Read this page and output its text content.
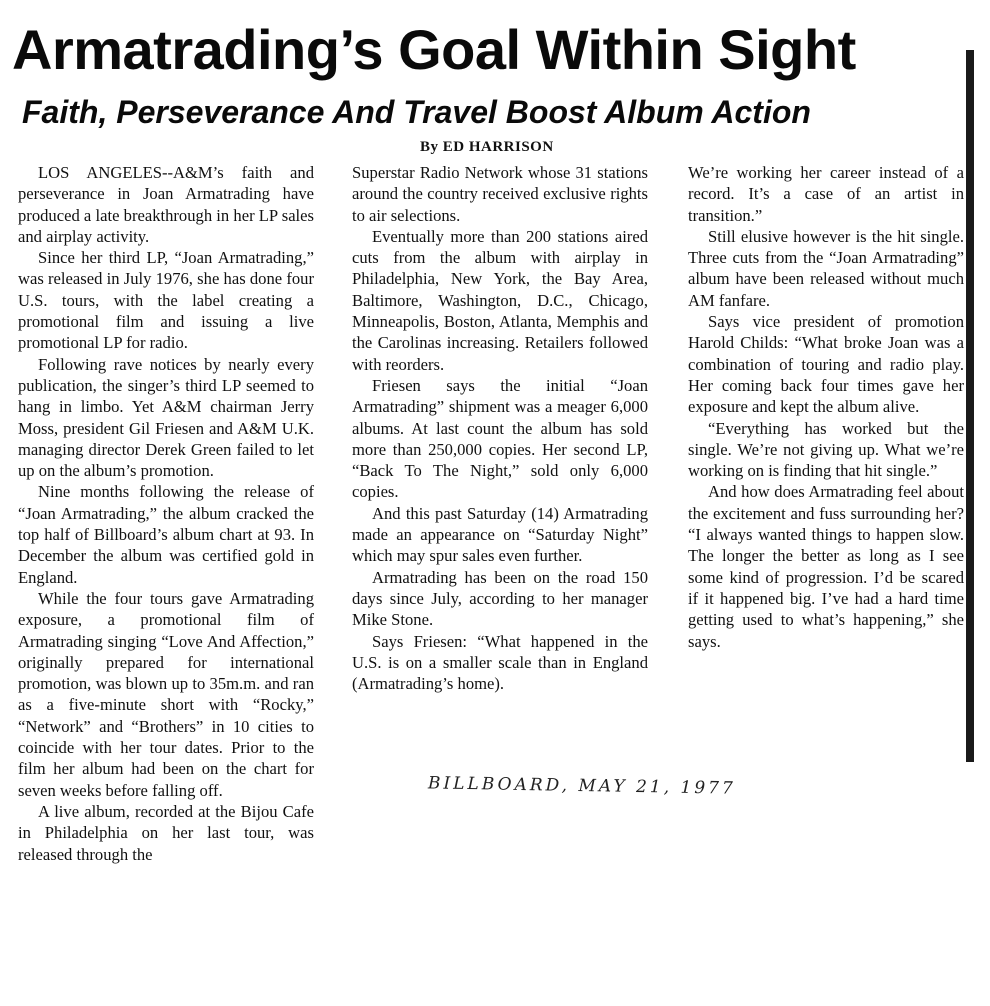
Armatrading’s Goal Within Sight
Faith, Perseverance And Travel Boost Album Action
By ED HARRISON

LOS ANGELES--A&M’s faith and perseverance in Joan Armatrading have produced a late breakthrough in her LP sales and airplay activity.

Since her third LP, “Joan Armatrading,” was released in July 1976, she has done four U.S. tours, with the label creating a promotional film and issuing a live promotional LP for radio.

Following rave notices by nearly every publication, the singer’s third LP seemed to hang in limbo. Yet A&M chairman Jerry Moss, president Gil Friesen and A&M U.K. managing director Derek Green failed to let up on the album’s promotion.

Nine months following the release of “Joan Armatrading,” the album cracked the top half of Billboard’s album chart at 93. In December the album was certified gold in England.

While the four tours gave Armatrading exposure, a promotional film of Armatrading singing “Love And Affection,” originally prepared for international promotion, was blown up to 35m.m. and ran as a five-minute short with “Rocky,” “Network” and “Brothers” in 10 cities to coincide with her tour dates. Prior to the film her album had been on the chart for seven weeks before falling off.

A live album, recorded at the Bijou Cafe in Philadelphia on her last tour, was released through the

Superstar Radio Network whose 31 stations around the country received exclusive rights to air selections.

Eventually more than 200 stations aired cuts from the album with airplay in Philadelphia, New York, the Bay Area, Baltimore, Washington, D.C., Chicago, Minneapolis, Boston, Atlanta, Memphis and the Carolinas increasing. Retailers followed with reorders.

Friesen says the initial “Joan Armatrading” shipment was a meager 6,000 albums. At last count the album has sold more than 250,000 copies. Her second LP, “Back To The Night,” sold only 6,000 copies.

And this past Saturday (14) Armatrading made an appearance on “Saturday Night” which may spur sales even further.

Armatrading has been on the road 150 days since July, according to her manager Mike Stone.

Says Friesen: “What happened in the U.S. is on a smaller scale than in England (Armatrading’s home).

We’re working her career instead of a record. It’s a case of an artist in transition.”

Still elusive however is the hit single. Three cuts from the “Joan Armatrading” album have been released without much AM fanfare.

Says vice president of promotion Harold Childs: “What broke Joan was a combination of touring and radio play. Her coming back four times gave her exposure and kept the album alive.

“Everything has worked but the single. We’re not giving up. What we’re working on is finding that hit single.”

And how does Armatrading feel about the excitement and fuss surrounding her? “I always wanted things to happen slow. The longer the better as long as I see some kind of progression. I’d be scared if it happened big. I’ve had a hard time getting used to what’s happening,” she says.

BILLBOARD, MAY 21, 1977
